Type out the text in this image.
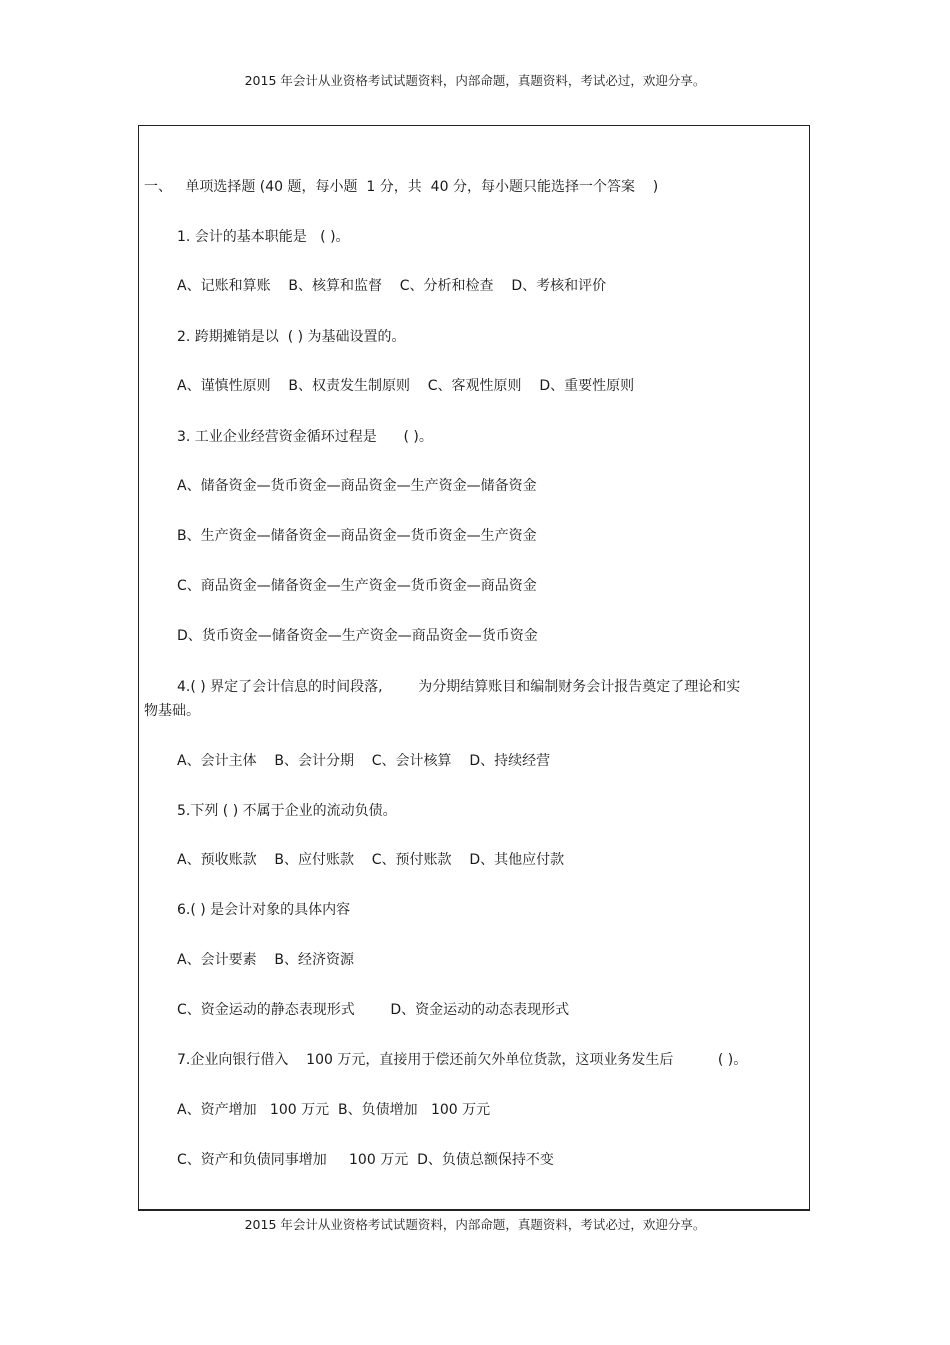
2015 年会计从业资格考试试题资料，内部命题，真题资料，考试必过，欢迎分享。
一、   单项选择题 (40 题，每小题  1 分，共  40 分，每小题只能选择一个答案    )
1. 会计的基本职能是   ( )。
A、记账和算账    B、核算和监督    C、分析和检查    D、考核和评价
2. 跨期摊销是以  ( ) 为基础设置的。
A、谨慎性原则    B、权责发生制原则    C、客观性原则    D、重要性原则
3. 工业企业经营资金循环过程是      ( )。
A、储备资金—货币资金—商品资金—生产资金—储备资金
B、生产资金—储备资金—商品资金—货币资金—生产资金
C、商品资金—储备资金—生产资金—货币资金—商品资金
D、货币资金—储备资金—生产资金—商品资金—货币资金
4.( ) 界定了会计信息的时间段落,        为分期结算账目和编制财务会计报告奠定了理论和实
物基础。
A、会计主体    B、会计分期    C、会计核算    D、持续经营
5.下列 ( ) 不属于企业的流动负债。
A、预收账款    B、应付账款    C、预付账款    D、其他应付款
6.( ) 是会计对象的具体内容
A、会计要素    B、经济资源
C、资金运动的静态表现形式        D、资金运动的动态表现形式
7.企业向银行借入    100 万元，直接用于偿还前欠外单位货款，这项业务发生后          ( )。
A、资产增加   100 万元  B、负债增加   100 万元
C、资产和负债同事增加     100 万元  D、负债总额保持不变
2015 年会计从业资格考试试题资料，内部命题，真题资料，考试必过，欢迎分享。
